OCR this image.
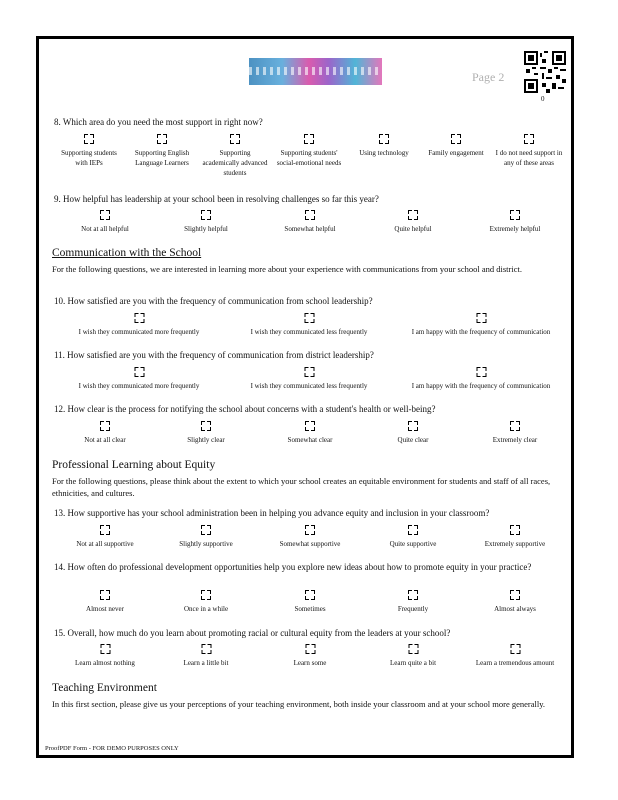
Page 2
0
8. Which area do you need the most support in right now?
Supporting students with IEPs
Supporting English Language Learners
Supporting academically advanced students
Supporting students' social-emotional needs
Using technology	Family engagement	I do not need support in any of these areas
9. How helpful has leadership at your school been in resolving challenges so far this year?
Not at all helpful	Slightly helpful	Somewhat helpful	Quite helpful	Extremely helpful
Communication with the School
For the following questions, we are interested in learning more about your experience with communications from your school and district.
10. How satisfied are you with the frequency of communication from school leadership?
I wish they communicated more frequently	I wish they communicated less frequently	I am happy with the frequency of communication
11. How satisfied are you with the frequency of communication from district leadership?
I wish they communicated more frequently	I wish they communicated less frequently	I am happy with the frequency of communication
12. How clear is the process for notifying the school about concerns with a student's health or well-being?
Not at all clear	Slightly clear	Somewhat clear	Quite clear	Extremely clear
Professional Learning about Equity
For the following questions, please think about the extent to which your school creates an equitable environment for students and staff of all races, ethnicities, and cultures.
13. How supportive has your school administration been in helping you advance equity and inclusion in your classroom?
Not at all supportive	Slightly supportive	Somewhat supportive	Quite supportive	Extremely supportive
14. How often do professional development opportunities help you explore new ideas about how to promote equity in your practice?
Almost never	Once in a while	Sometimes	Frequently	Almost always
15. Overall, how much do you learn about promoting racial or cultural equity from the leaders at your school?
Learn almost nothing	Learn a little bit	Learn some	Learn quite a bit	Learn a tremendous amount
Teaching Environment
In this first section, please give us your perceptions of your teaching environment, both inside your classroom and at your school more generally.
ProofPDF Form - FOR DEMO PURPOSES ONLY
